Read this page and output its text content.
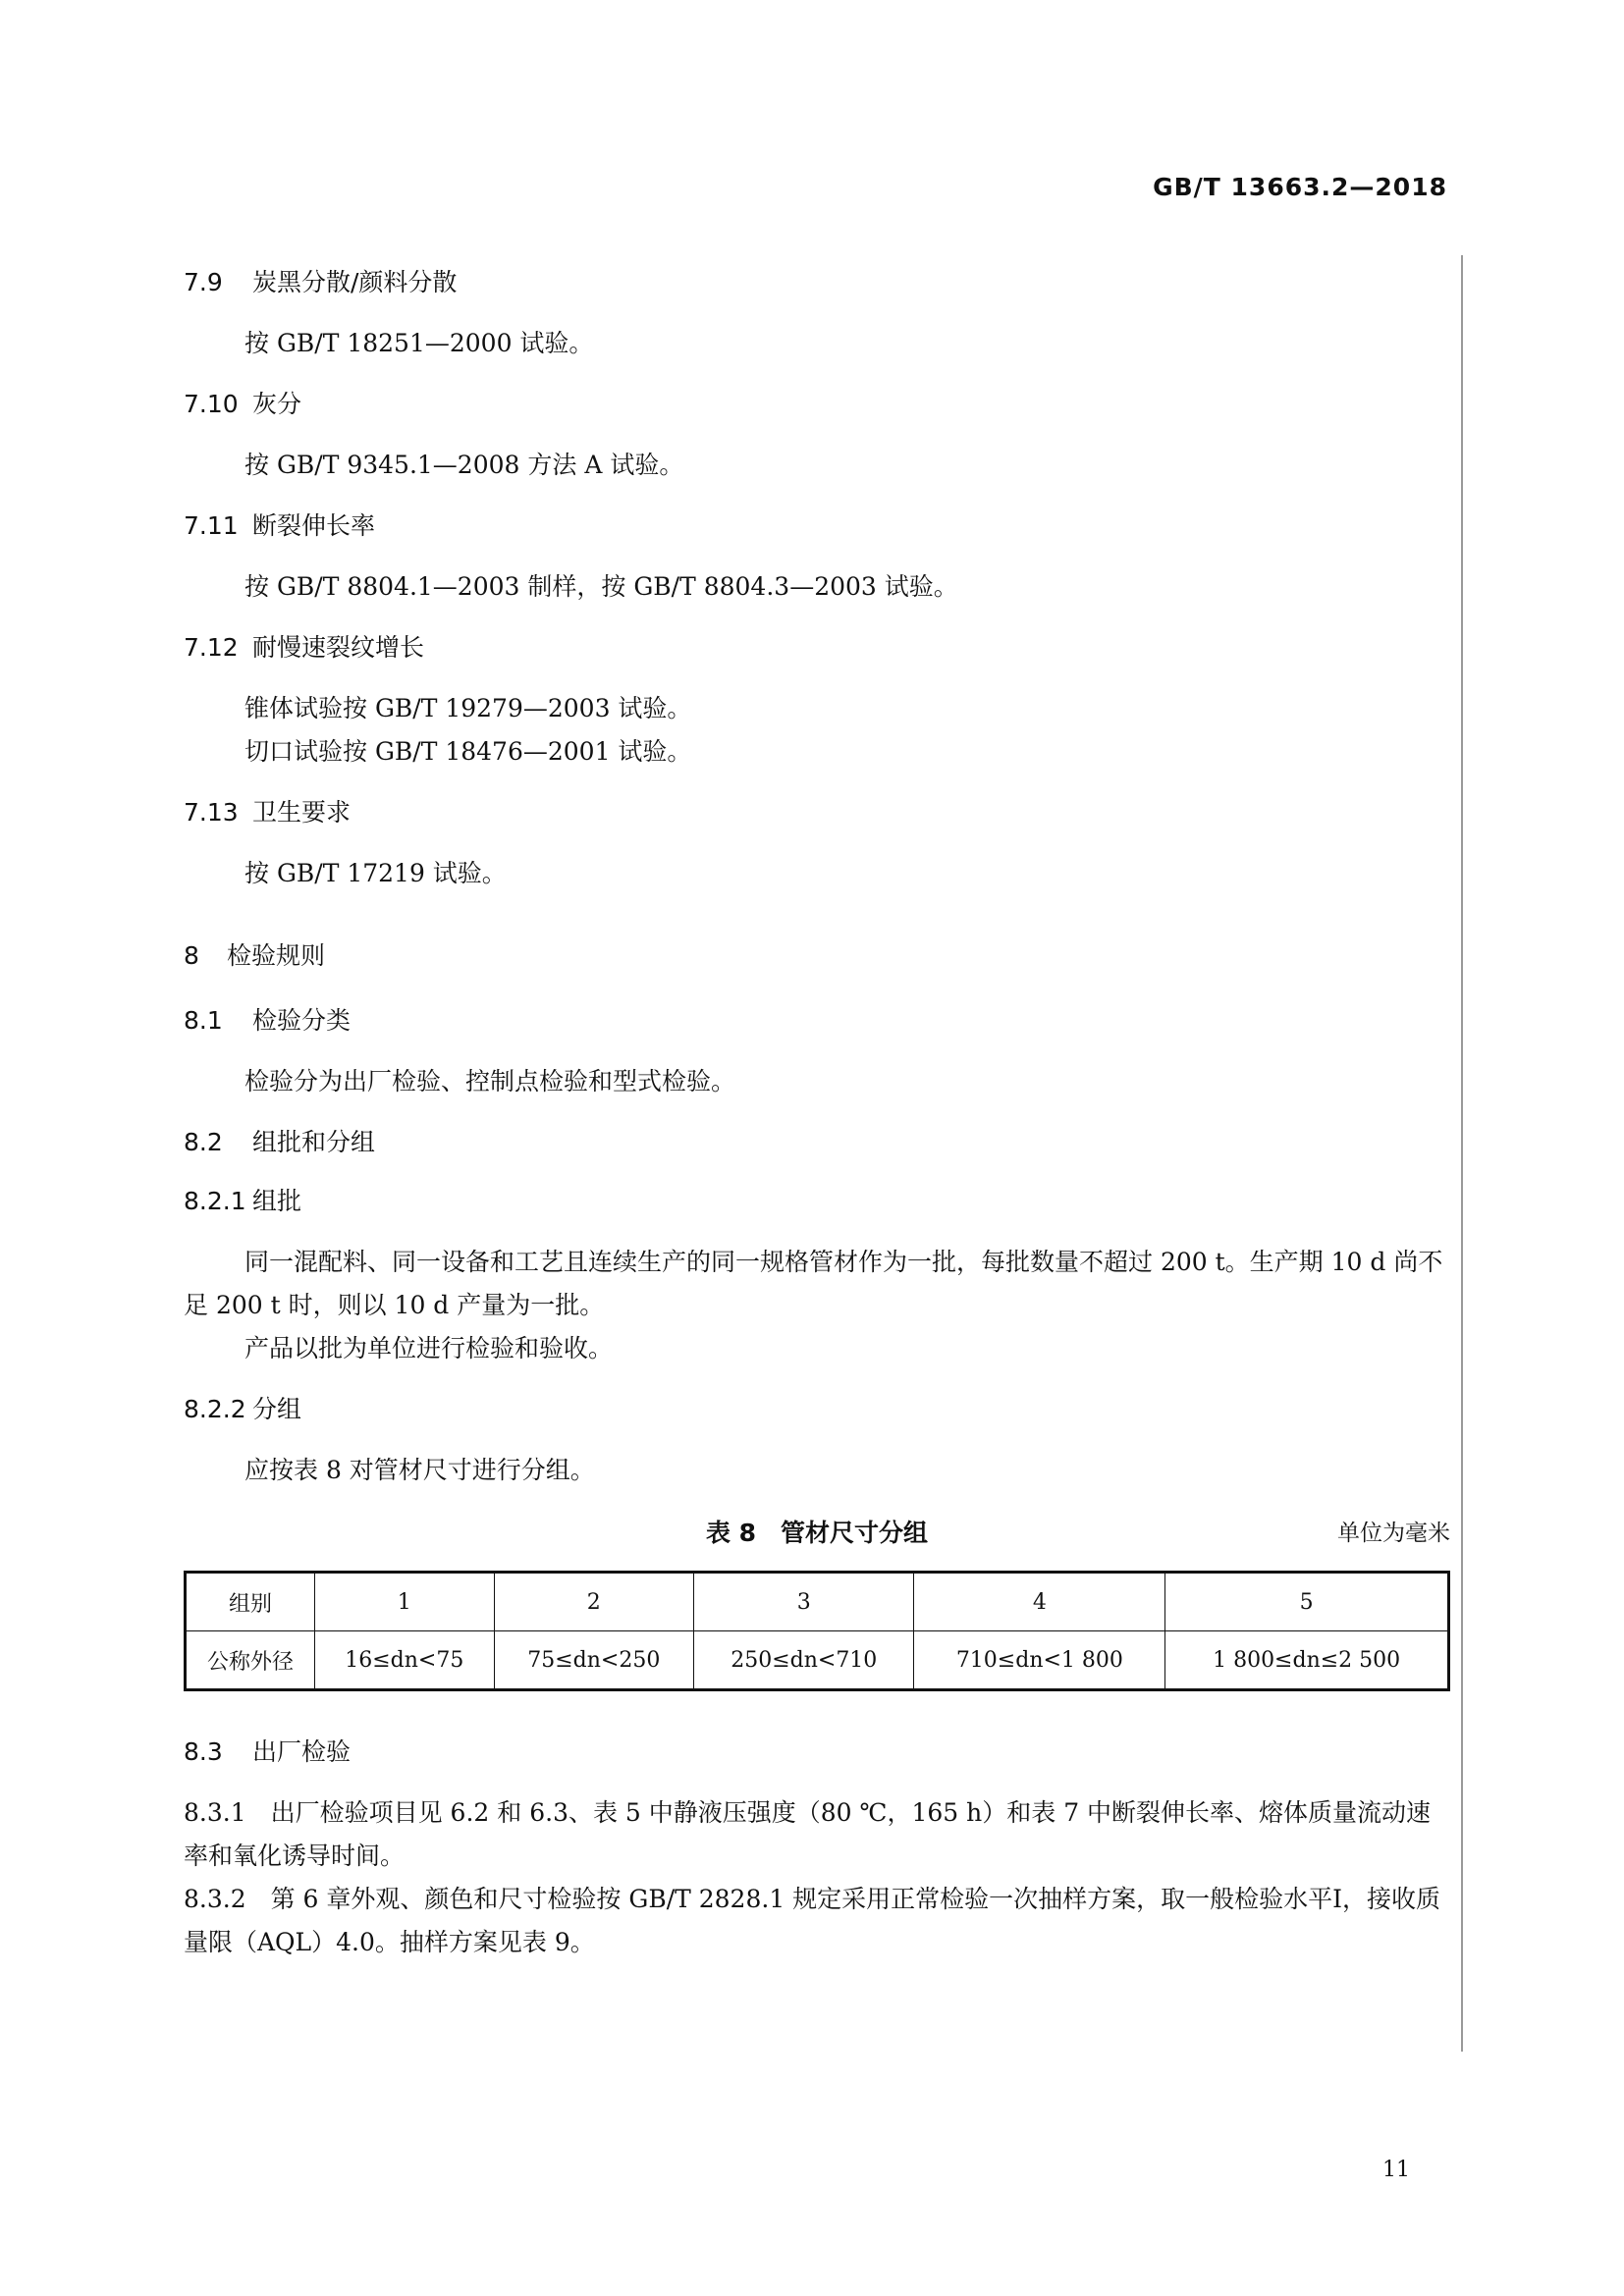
GB/T 13663.2—2018
7.9 炭黑分散/颜料分散

按 GB/T 18251—2000 试验。

7.10 灰分

按 GB/T 9345.1—2008 方法 A 试验。

7.11 断裂伸长率

按 GB/T 8804.1—2003 制样，按 GB/T 8804.3—2003 试验。

7.12 耐慢速裂纹增长

锥体试验按 GB/T 19279—2003 试验。

切口试验按 GB/T 18476—2001 试验。

7.13 卫生要求

按 GB/T 17219 试验。

8 检验规则
8.1 检验分类

检验分为出厂检验、控制点检验和型式检验。

8.2 组批和分组
8.2.1 组批

同一混配料、同一设备和工艺且连续生产的同一规格管材作为一批，每批数量不超过 200 t。生产期 10 d 尚不足 200 t 时，则以 10 d 产量为一批。

产品以批为单位进行检验和验收。

8.2.2 分组

应按表 8 对管材尺寸进行分组。

表 8　管材尺寸分组	单位为毫米
组别	1	2	3	4	5
公称外径	16≤dn<75	75≤dn<250	250≤dn<710	710≤dn<1 800	1 800≤dn≤2 500
8.3 出厂检验

8.3.1　出厂检验项目见 6.2 和 6.3、表 5 中静液压强度（80 ℃，165 h）和表 7 中断裂伸长率、熔体质量流动速率和氧化诱导时间。

8.3.2　第 6 章外观、颜色和尺寸检验按 GB/T 2828.1 规定采用正常检验一次抽样方案，取一般检验水平Ⅰ，接收质量限（AQL）4.0。抽样方案见表 9。

11
